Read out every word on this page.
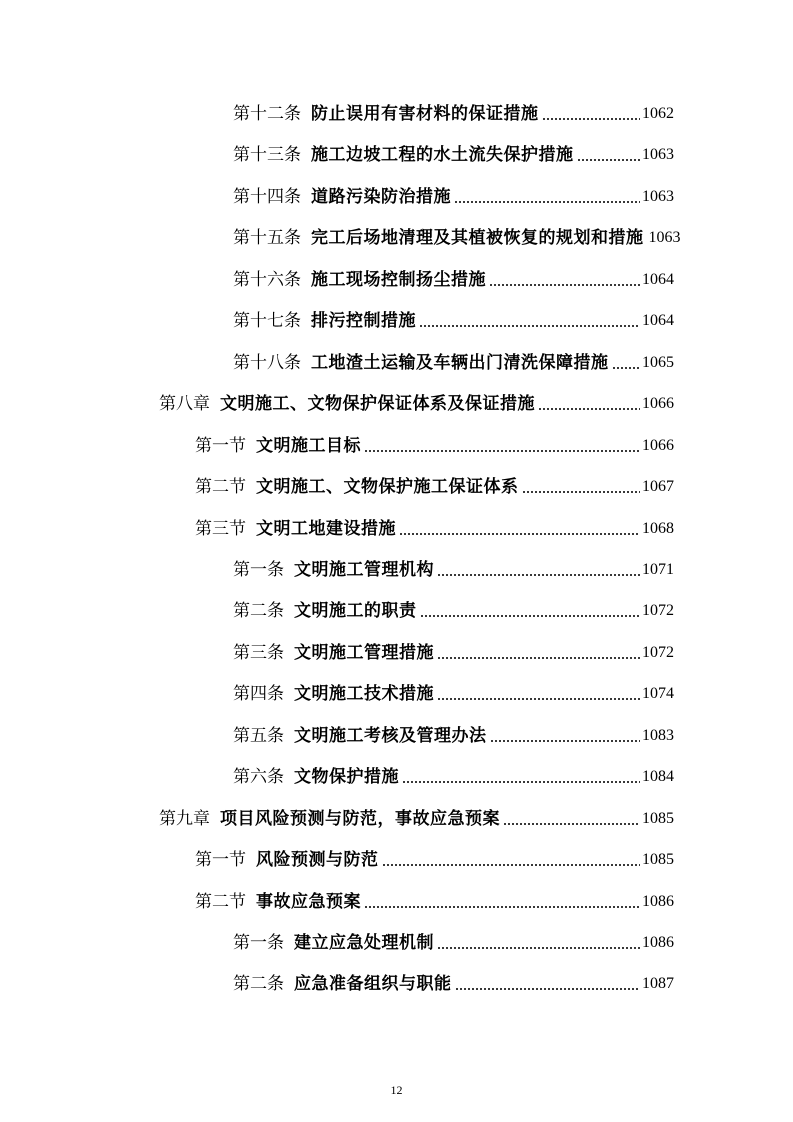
第十二条 防止误用有害材料的保证措施	1062
第十三条 施工边坡工程的水土流失保护措施	1063
第十四条 道路污染防治措施	1063
第十五条 完工后场地清理及其植被恢复的规划和措施 1063
第十六条 施工现场控制扬尘措施	1064
第十七条 排污控制措施	1064
第十八条 工地渣土运输及车辆出门清洗保障措施 1065
第八章 文明施工、文物保护保证体系及保证措施	1066
第一节 文明施工目标	1066
第二节 文明施工、文物保护施工保证体系	1067
第三节 文明工地建设措施	1068
第一条 文明施工管理机构	1071
第二条 文明施工的职责	1072
第三条 文明施工管理措施	1072
第四条 文明施工技术措施	1074
第五条 文明施工考核及管理办法	1083
第六条 文物保护措施	1084
第九章 项目风险预测与防范，事故应急预案	1085
第一节 风险预测与防范	1085
第二节 事故应急预案	1086
第一条 建立应急处理机制	1086
第二条 应急准备组织与职能	1087
12
